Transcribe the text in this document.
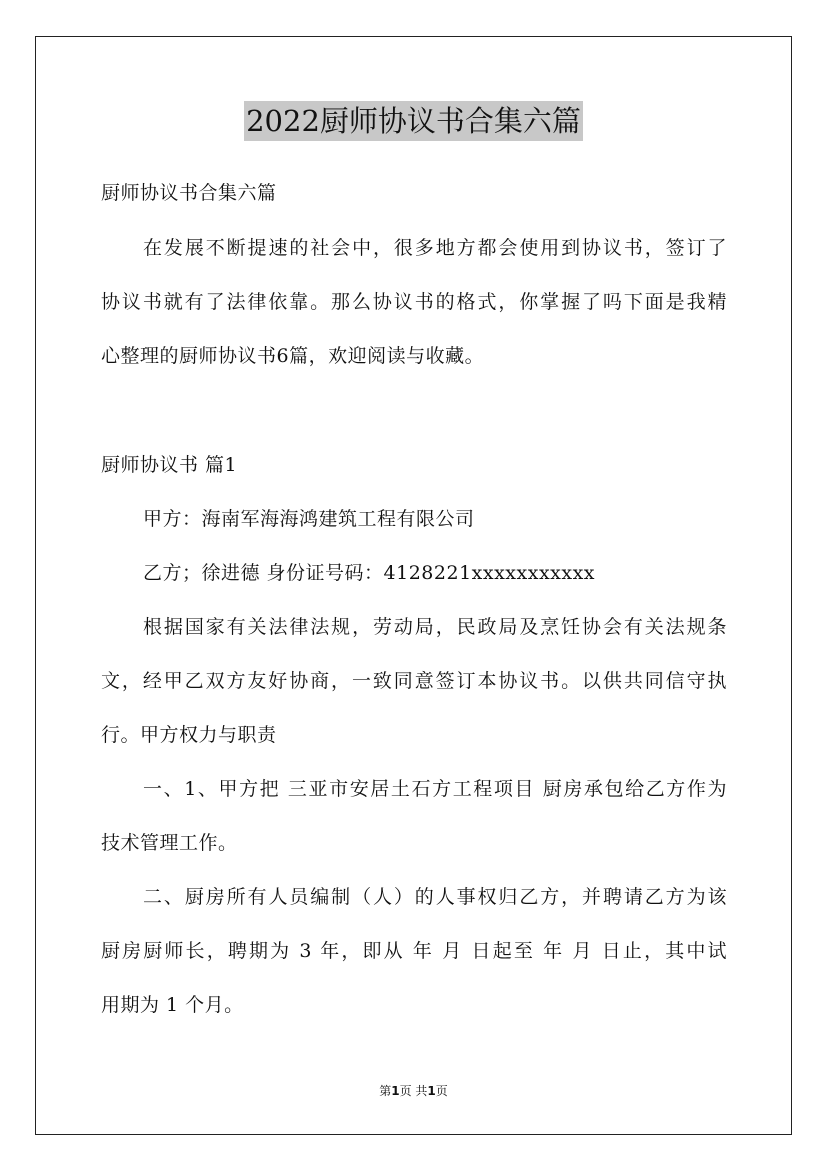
2022厨师协议书合集六篇
厨师协议书合集六篇
在发展不断提速的社会中，很多地方都会使用到协议书，签订了
协议书就有了法律依靠。那么协议书的格式，你掌握了吗下面是我精
心整理的厨师协议书6篇，欢迎阅读与收藏。
厨师协议书 篇1
甲方：海南军海海鸿建筑工程有限公司
乙方；徐进德 身份证号码：4128221xxxxxxxxxxx
根据国家有关法律法规，劳动局，民政局及烹饪协会有关法规条
文，经甲乙双方友好协商，一致同意签订本协议书。以供共同信守执
行。甲方权力与职责
一、1、甲方把 三亚市安居土石方工程项目 厨房承包给乙方作为
技术管理工作。
二、厨房所有人员编制（人）的人事权归乙方，并聘请乙方为该
厨房厨师长，聘期为 3 年，即从 年 月 日起至 年 月 日止，其中试
用期为 1 个月。
第1页 共1页
